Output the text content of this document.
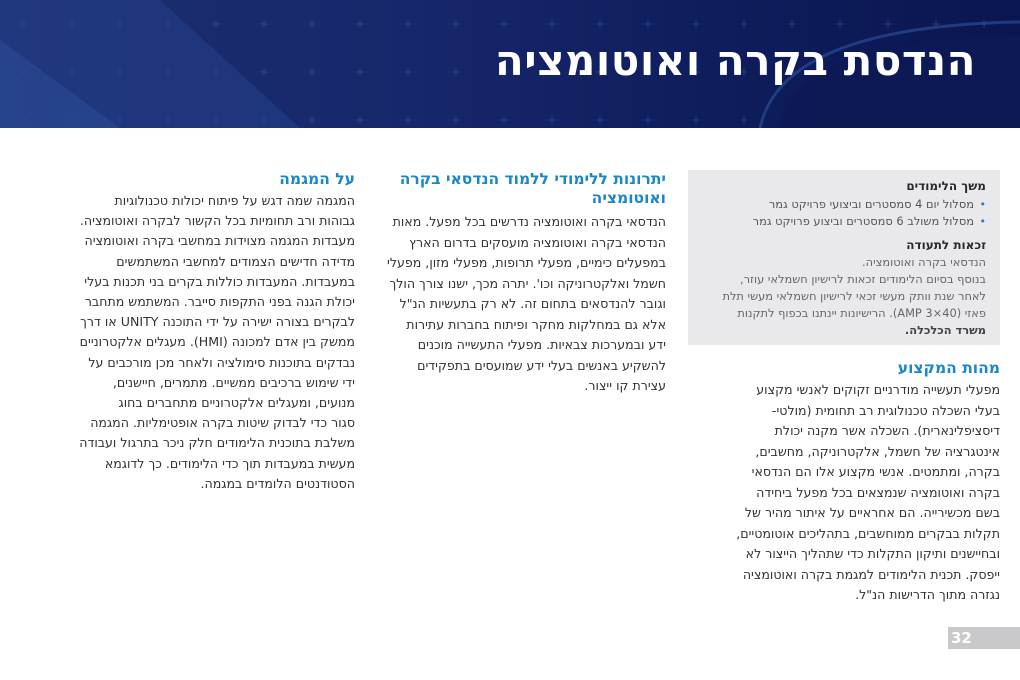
הנדסת בקרה ואוטומציה
משך הלימודים
•
מסלול יום 4 סמסטרים וביצועי פרויקט גמר
•
מסלול משולב 6 סמסטרים וביצוע פרויקט גמר
זכאות לתעודה
הנדסאי בקרה ואוטומציה.
בנוסף בסיום הלימודים זכאות לרישיון חשמלאי עוזר,
לאחר שנת וותק מעשי זכאי לרישיון חשמלאי מעשי תלת
פאזי (40×3 AMP). הרישיונות יינתנו בכפוף לתקנות
משרד הכלכלה.
מהות המקצוע
מפעלי תעשייה מודרניים זקוקים לאנשי מקצוע
בעלי השכלה טכנולוגית רב תחומית (מולטי-
דיסציפלינארית). השכלה אשר מקנה יכולת
אינטגרציה של חשמל, אלקטרוניקה, מחשבים,
בקרה, ומתמטים. אנשי מקצוע אלו הם הנדסאי
בקרה ואוטומציה שנמצאים בכל מפעל ביחידה
בשם מכשירייה. הם אחראיים על איתור מהיר של
תקלות בבקרים ממוחשבים, בתהליכים אוטומטיים,
ובחיישנים ותיקון התקלות כדי שתהליך הייצור לא
ייפסק. תכנית הלימודים למגמת בקרה ואוטומציה
נגזרה מתוך הדרישות הנ"ל.
יתרונות ללימודי ללמוד הנדסאי בקרה
ואוטומציה
הנדסאי בקרה ואוטומציה נדרשים בכל מפעל. מאות
הנדסאי בקרה ואוטומציה מועסקים בדרום הארץ
במפעלים כימיים, מפעלי תרופות, מפעלי מזון, מפעלי
חשמל ואלקטרוניקה וכו'. יתרה מכך, ישנו צורך הולך
וגובר להנדסאים בתחום זה. לא רק בתעשיות הנ"ל
אלא גם במחלקות מחקר ופיתוח בחברות עתירות
ידע ובמערכות צבאיות. מפעלי התעשייה מוכנים
להשקיע באנשים בעלי ידע שמועסים בתפקידים
עצירת קו ייצור.
על המגמה
המגמה שמה דגש על פיתוח יכולות טכנולוגיות
גבוהות ורב תחומיות בכל הקשור לבקרה ואוטומציה.
מעבדות המגמה מצוידות במחשבי בקרה ואוטומציה
מדידה חדישים הצמודים למחשבי המשתמשים
במעבדות. המעבדות כוללות בקרים בני תכנות בעלי
יכולת הגנה בפני התקפות סייבר. המשתמש מתחבר
לבקרים בצורה ישירה על ידי התוכנה UNITY או דרך
ממשק בין אדם למכונה (HMI). מעגלים אלקטרוניים
נבדקים בתוכנות סימולציה ולאחר מכן מורכבים על
ידי שימוש ברכיבים ממשיים. מתמרים, חיישנים,
מנועים, ומעגלים אלקטרוניים מתחברים בחוג
סגור כדי לבדוק שיטות בקרה אופטימליות. המגמה
משלבת בתוכנית הלימודים חלק ניכר בתרגול ועבודה
מעשית במעבדות תוך כדי הלימודים. כך לדוגמא
הסטודנטים הלומדים במגמה.
32
